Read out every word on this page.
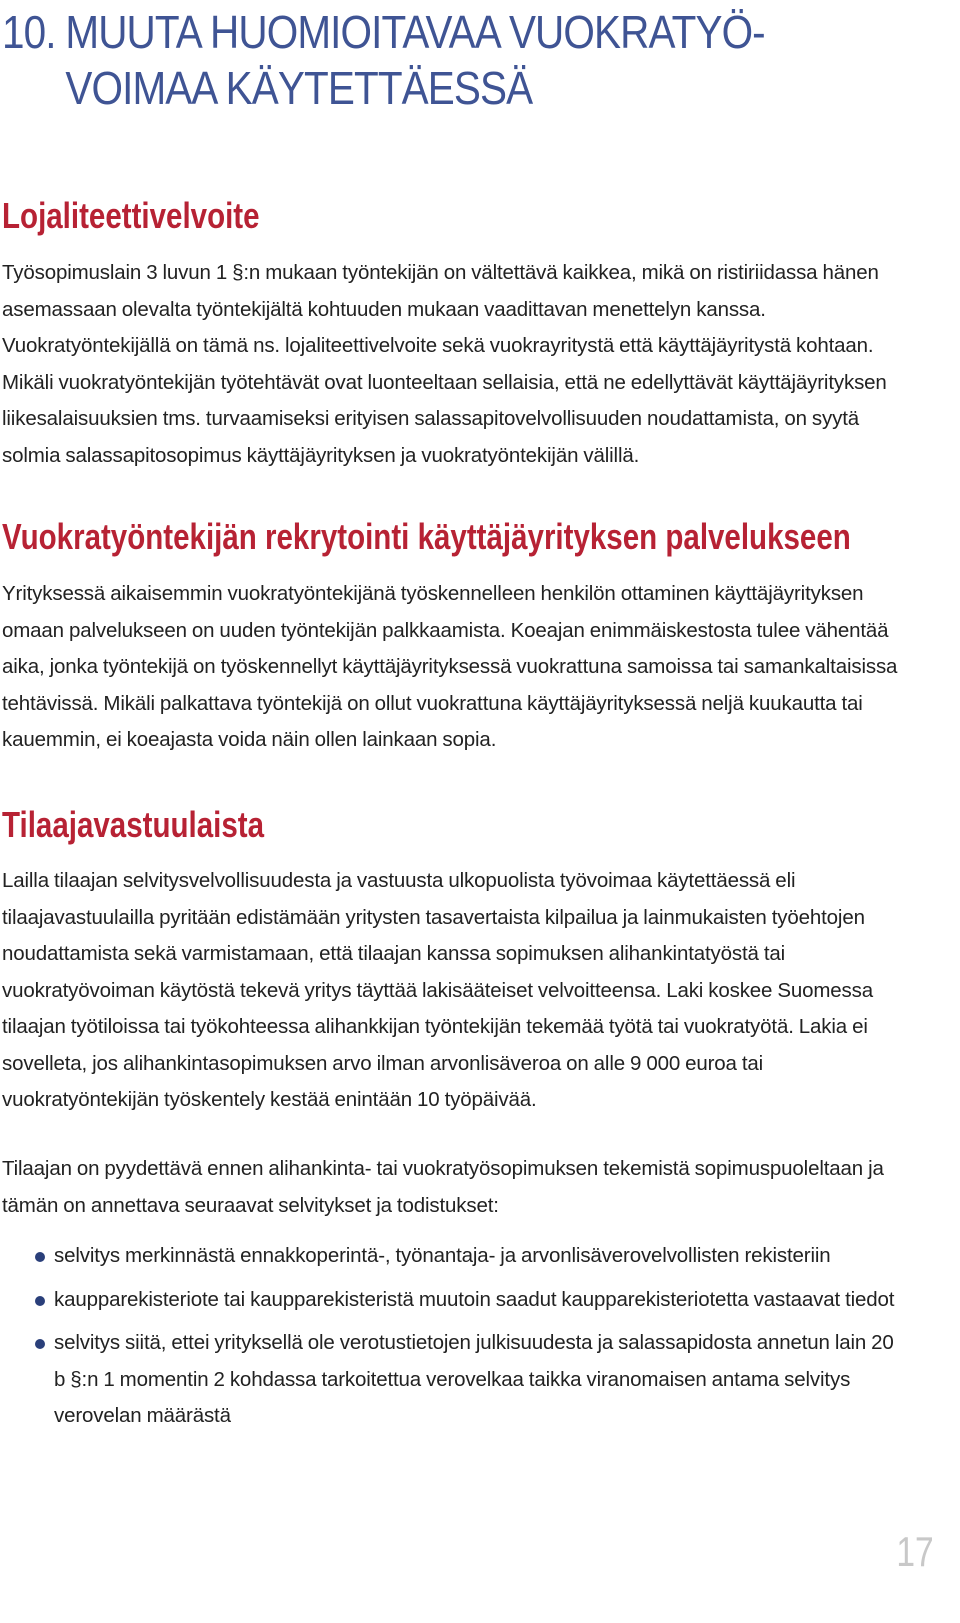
10. MUUTA HUOMIOITAVAA VUOKRATYÖ-
VOIMAA KÄYTETTÄESSÄ
Lojaliteettivelvoite

Työsopimuslain 3 luvun 1 §:n mukaan työntekijän on vältettävä kaikkea, mikä on ristiriidassa hänen asemassaan olevalta työntekijältä kohtuuden mukaan vaadittavan menettelyn kanssa. Vuokratyöntekijällä on tämä ns. lojaliteettivelvoite sekä vuokrayritystä että käyttäjäyritystä kohtaan. Mikäli vuokratyöntekijän työtehtävät ovat luonteeltaan sellaisia, että ne edellyttävät käyttäjäyrityksen liikesalaisuuksien tms. turvaamiseksi erityisen salassapitovelvollisuuden noudattamista, on syytä solmia salassapitosopimus käyttäjäyrityksen ja vuokratyöntekijän välillä.

Vuokratyöntekijän rekrytointi käyttäjäyrityksen palvelukseen

Yrityksessä aikaisemmin vuokratyöntekijänä työskennelleen henkilön ottaminen käyttäjäyrityksen omaan palvelukseen on uuden työntekijän palkkaamista. Koeajan enimmäiskestosta tulee vähentää aika, jonka työntekijä on työskennellyt käyttäjäyrityksessä vuokrattuna samoissa tai samankaltaisissa tehtävissä. Mikäli palkattava työntekijä on ollut vuokrattuna käyttäjäyrityksessä neljä kuukautta tai kauemmin, ei koeajasta voida näin ollen lainkaan sopia.

Tilaajavastuulaista

Lailla tilaajan selvitysvelvollisuudesta ja vastuusta ulkopuolista työvoimaa käytettäessä eli tilaajavastuulailla pyritään edistämään yritysten tasavertaista kilpailua ja lainmukaisten työehtojen noudattamista sekä varmistamaan, että tilaajan kanssa sopimuksen alihankintatyöstä tai vuokratyövoiman käytöstä tekevä yritys täyttää lakisääteiset velvoitteensa. Laki koskee Suomessa tilaajan työtiloissa tai työkohteessa alihankkijan työntekijän tekemää työtä tai vuokratyötä. Lakia ei sovelleta, jos alihankintasopimuksen arvo ilman arvonlisäveroa on alle 9 000 euroa tai vuokratyöntekijän työskentely kestää enintään 10 työpäivää.

Tilaajan on pyydettävä ennen alihankinta- tai vuokratyösopimuksen tekemistä sopimuspuoleltaan ja tämän on annettava seuraavat selvitykset ja todistukset:

selvitys merkinnästä ennakkoperintä-, työnantaja- ja arvonlisäverovelvollisten rekisteriin
kaupparekisteriote tai kaupparekisteristä muutoin saadut kaupparekisteriotetta vastaavat tiedot
selvitys siitä, ettei yrityksellä ole verotustietojen julkisuudesta ja salassapidosta annetun lain 20 b §:n 1 momentin 2 kohdassa tarkoitettua verovelkaa taikka viranomaisen antama selvitys verovelan määrästä
17
